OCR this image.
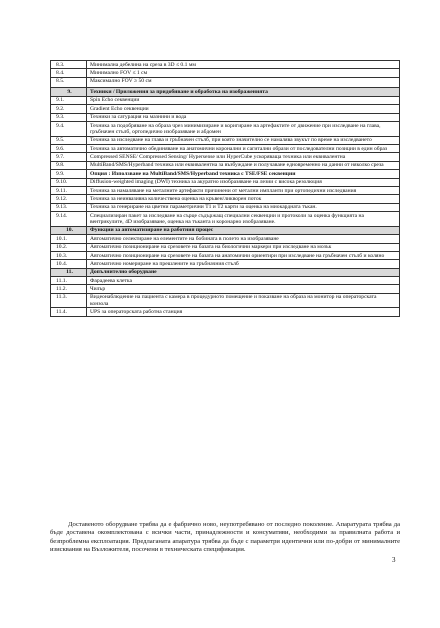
8.3.	Минимална дебелина на среза в 3D ≤ 0.1 мм
8.4.	Минимално FOV ≤ 1 см
8.5.	Максимално FOV ≥ 50 см
9.	Техники / Приложения за придобиване и обработка на изображенията
9.1.	Spin Echo секвенции
9.2.	Gradient Echo секвенции
9.3.	Техники за сатурация на мазнини и вода
9.4.	Техника за подобряване на образа чрез минимизиране и коригиране на артефактите от движение при изследване на глава, гръбначен стълб, ортопедично изобразяване и абдомен
9.5.	Техника за изследване на глава и гръбначен стълб, при която значително се намалява звукът по време на изследването
9.6.	Техника за автоматично обединяване на анатомични коронални и сагитални образи от последователни позиции в един образ
9.7.	Compressed SENSE/ Compressed Sensing/ Hypersense или HyperCube ускоряваща техника или еквивалентна
9.8.	MultiBand/SMS/Hyperband техника или еквивалентна за възбуждане и получаване едновременно на данни от няколко среза
9.9.	Опция : Използване на MultiBand/SMS/Hyperband техника с TSE/FSE секвенции
9.10.	Diffusion-weighted imaging (DWI) техника за акуратно изобразяване на лезии с висока резолюция
9.11.	Техника за намаляване на металните артефакти причинени от метални импланти при ортопедични изследвания
9.12.	Техника за неинвазивна количествена оценка на кръвен/ликворен поток
9.13.	Техника за генериране на цветни параметрични Т1 и Т2 карти за оценка на миокардната тъкан.
9.14.	Специализиран пакет за изследване на сърце съдържащ специални секвенции и протоколи за оценка функцията на вентрикулите, 4D изобразяване, оценка на тъканта и коронарно изобразяване.
10.	Функции за автоматизиране на работния процес
10.1.	Автоматично селектиране на елементите на бобината в полето на изобразяване
10.2.	Автоматично позициониране на срезовете на базата на биологични маркери при изследване на мозък
10.3.	Автоматично позициониране на срезовете на базата на анатомични ориентири при изследване на гръбначен стълб и коляно
10.4.	Автоматично номериране на прешлените на гръбначния стълб
11.	Допълнително оборудване
11.1.	Фарадеева клетка
11.2.	Чилър
11.3.	Видеонаблюдение на пациента с камера в процедурното помещение и показване на образа на монитор на операторската конзола
11.4.	UPS за операторската работна станция

Доставеното оборудване трябва да е фабрично ново, неупотребявано от последно поколение. Апаратурата трябва да бъде доставена окомплектована с всички части, принадлежности и консумативи, необходими за правилната работа и безпроблемна експлоатация. Предлаганата апаратура трябва да бъде с параметри идентични или по-добри от минималните изисквания на Възложителя, посочени в техническата спецификация.

3
